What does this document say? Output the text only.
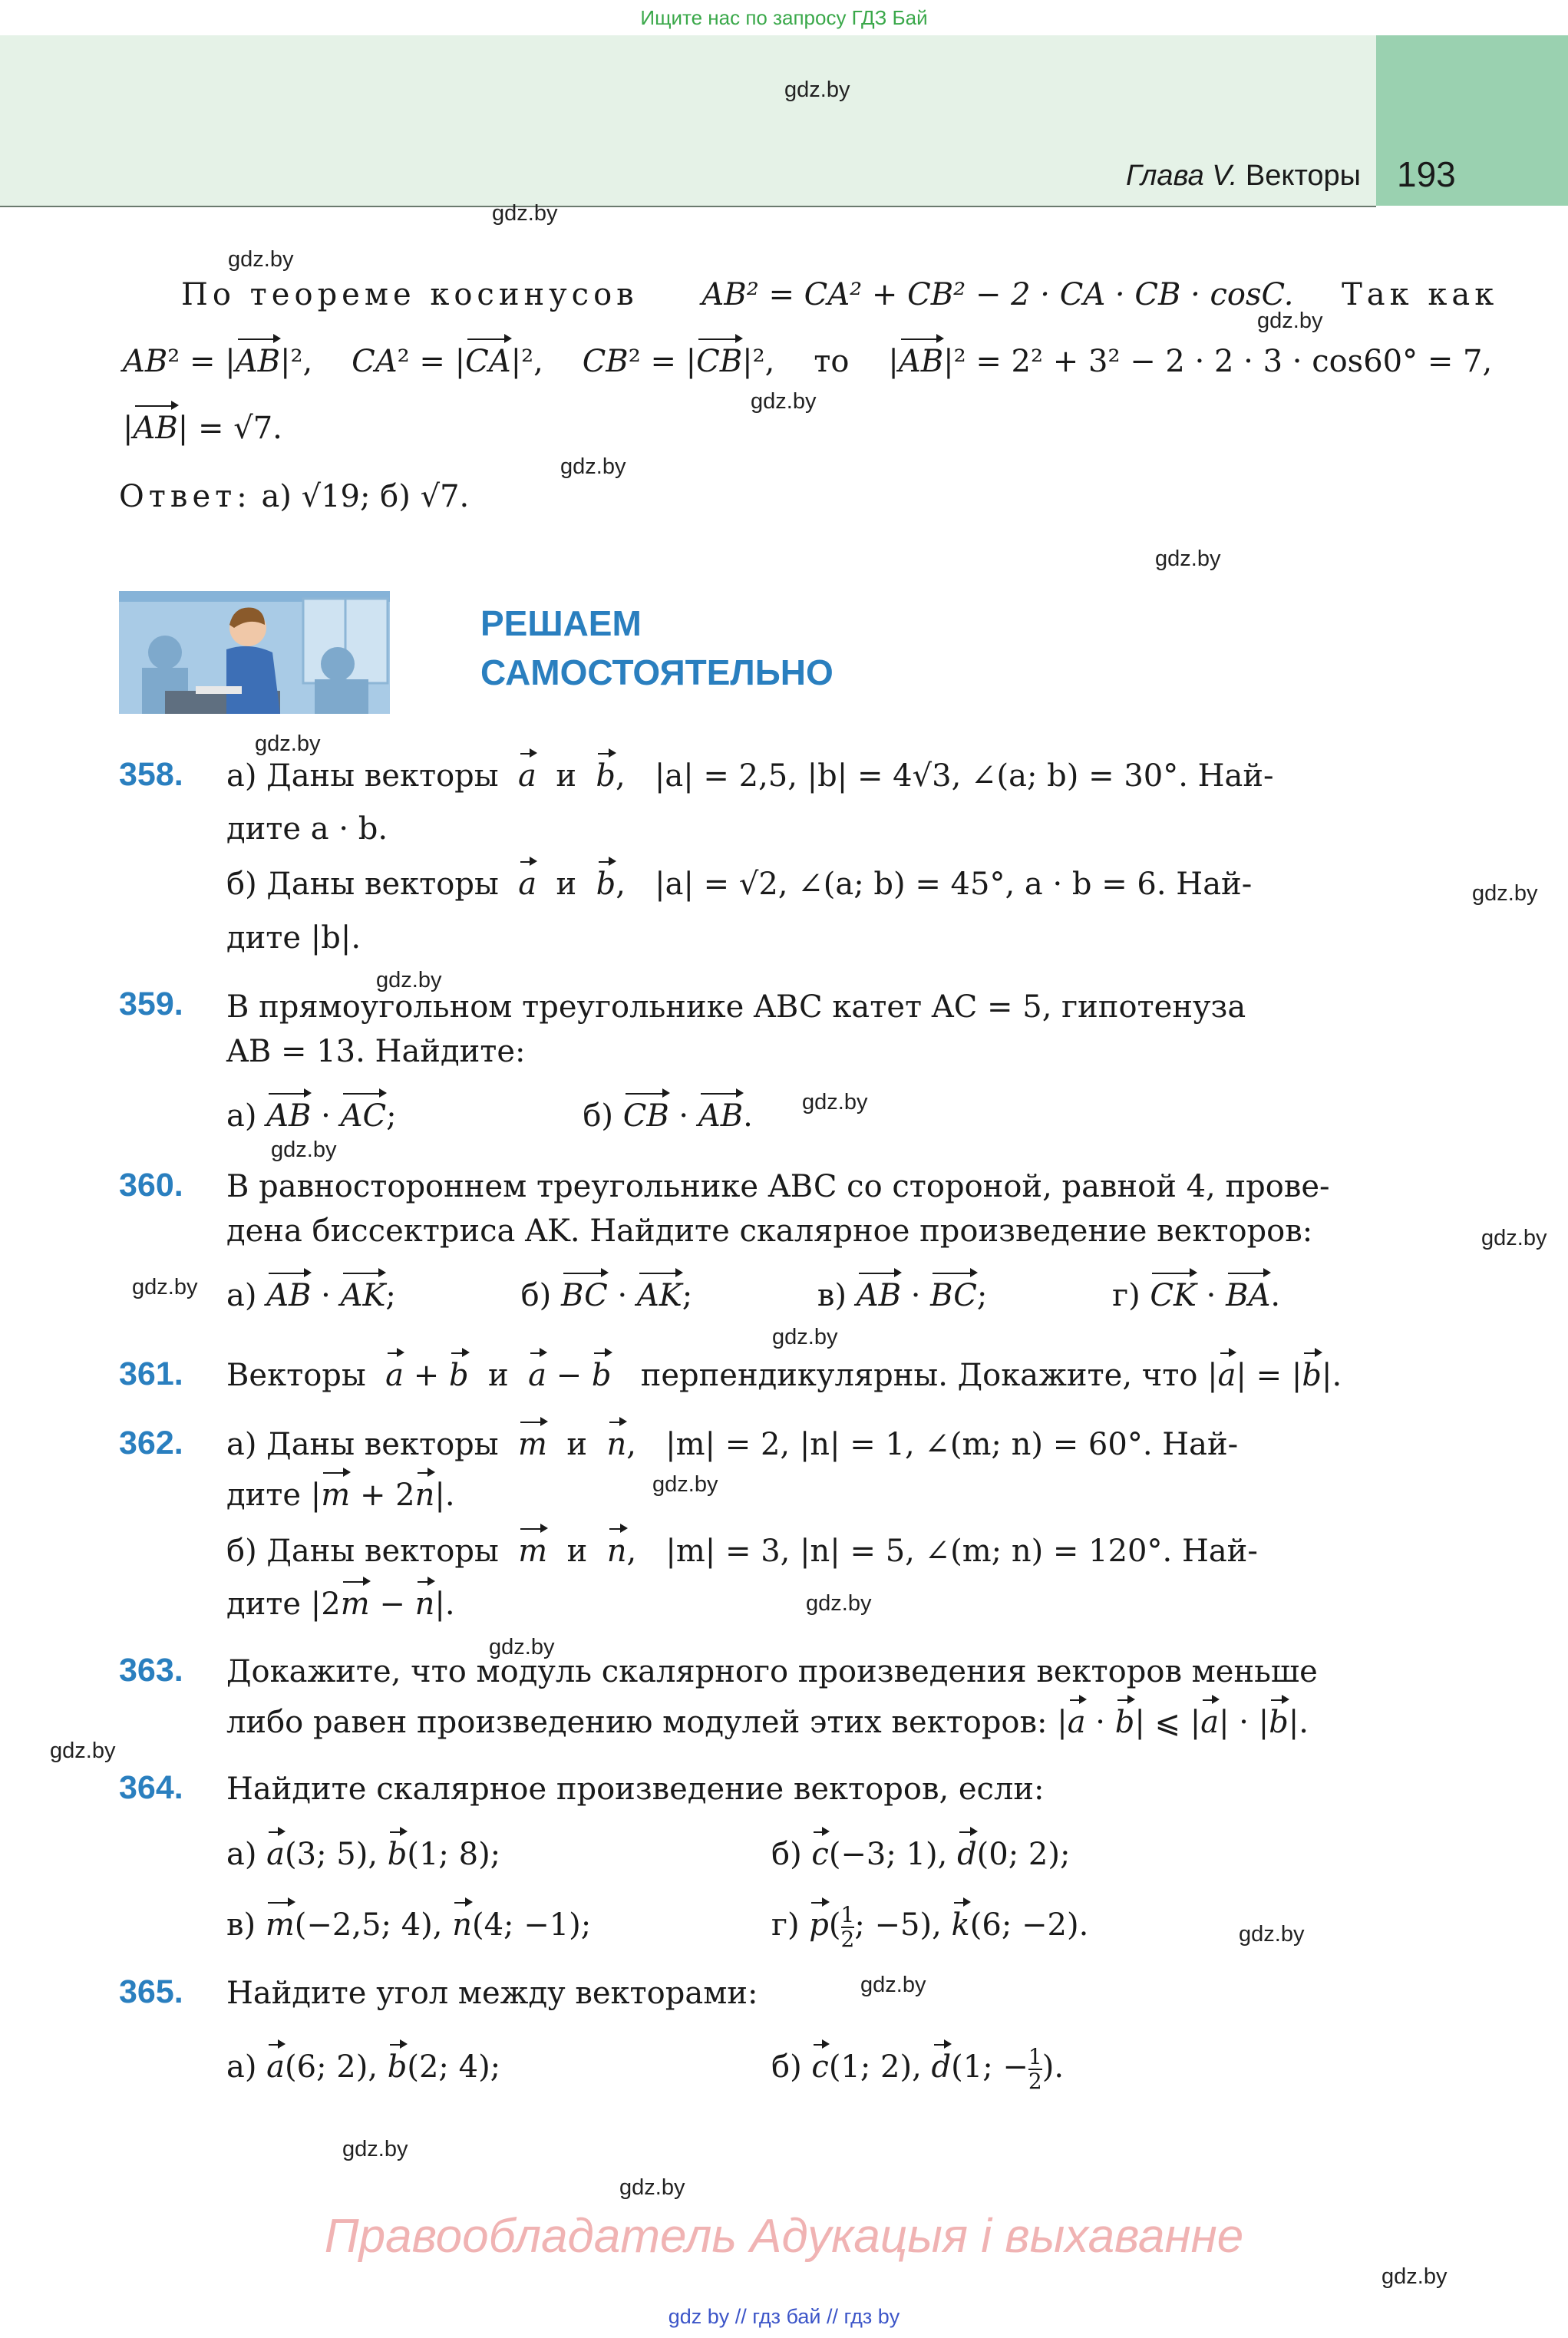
Ищите нас по запросу ГДЗ Бай
gdz.by
Глава V. Векторы 193
gdz.by
gdz.by
gdz.by
gdz.by
gdz.by
gdz.by
gdz.by
gdz.by
gdz.by
gdz.by
gdz.by
gdz.by
gdz.by
gdz.by
gdz.by
gdz.by
gdz.by
gdz.by
gdz.by
gdz.by
gdz.by
gdz.by
gdz.by
По теореме косинусов AB² = CA² + CB² − 2 · CA · CB · cosC. Так как
AB² = |AB|²,    CA² = |CA|²,    CB² = |CB|²,    то    |AB|² = 2² + 3² − 2 · 2 · 3 · cos60° = 7,
|AB| = √7.
Ответ: а) √19; б) √7.
РЕШАЕМ
САМОСТОЯТЕЛЬНО
358. а) Даны векторы a  и  b,   |a| = 2,5, |b| = 4√3, ∠(a; b) = 30°. Най-
дите a · b.
б) Даны векторы a  и  b,   |a| = √2, ∠(a; b) = 45°, a · b = 6. Най-
дите |b|.
359. В прямоугольном треугольнике ABC катет AC = 5, гипотенуза
AB = 13. Найдите:
а) AB · AC;	б) CB · AB.
360. В равностороннем треугольнике ABC со стороной, равной 4, прове-
дена биссектриса AK. Найдите скалярное произведение векторов:
а) AB · AK;	б) BC · AK;	в) AB · BC;	г) CK · BA.
361. Векторы a + b  и  a − b перпендикулярны. Докажите, что |a| = |b|.
362. а) Даны векторы m  и  n,   |m| = 2, |n| = 1, ∠(m; n) = 60°. Най-
дите |m + 2n|.
б) Даны векторы m  и  n,   |m| = 3, |n| = 5, ∠(m; n) = 120°. Най-
дите |2m − n|.
363. Докажите, что модуль скалярного произведения векторов меньше
либо равен произведению модулей этих векторов: |a · b| ⩽ |a| · |b|.
364. Найдите скалярное произведение векторов, если:
а) a(3; 5), b(1; 8);	б) c(−3; 1), d(0; 2);
в) m(−2,5; 4), n(4; −1);	г) $p( \frac{1}{2}$ ; −5), k(6; −2).
365. Найдите угол между векторами:
а) a(6; 2), b(2; 4);	б) c(1; 2), d(1; − $\frac{1}{2}$ ).
Правообладатель Адукацыя і выхаванне
gdz by // гдз бай // гдз by
